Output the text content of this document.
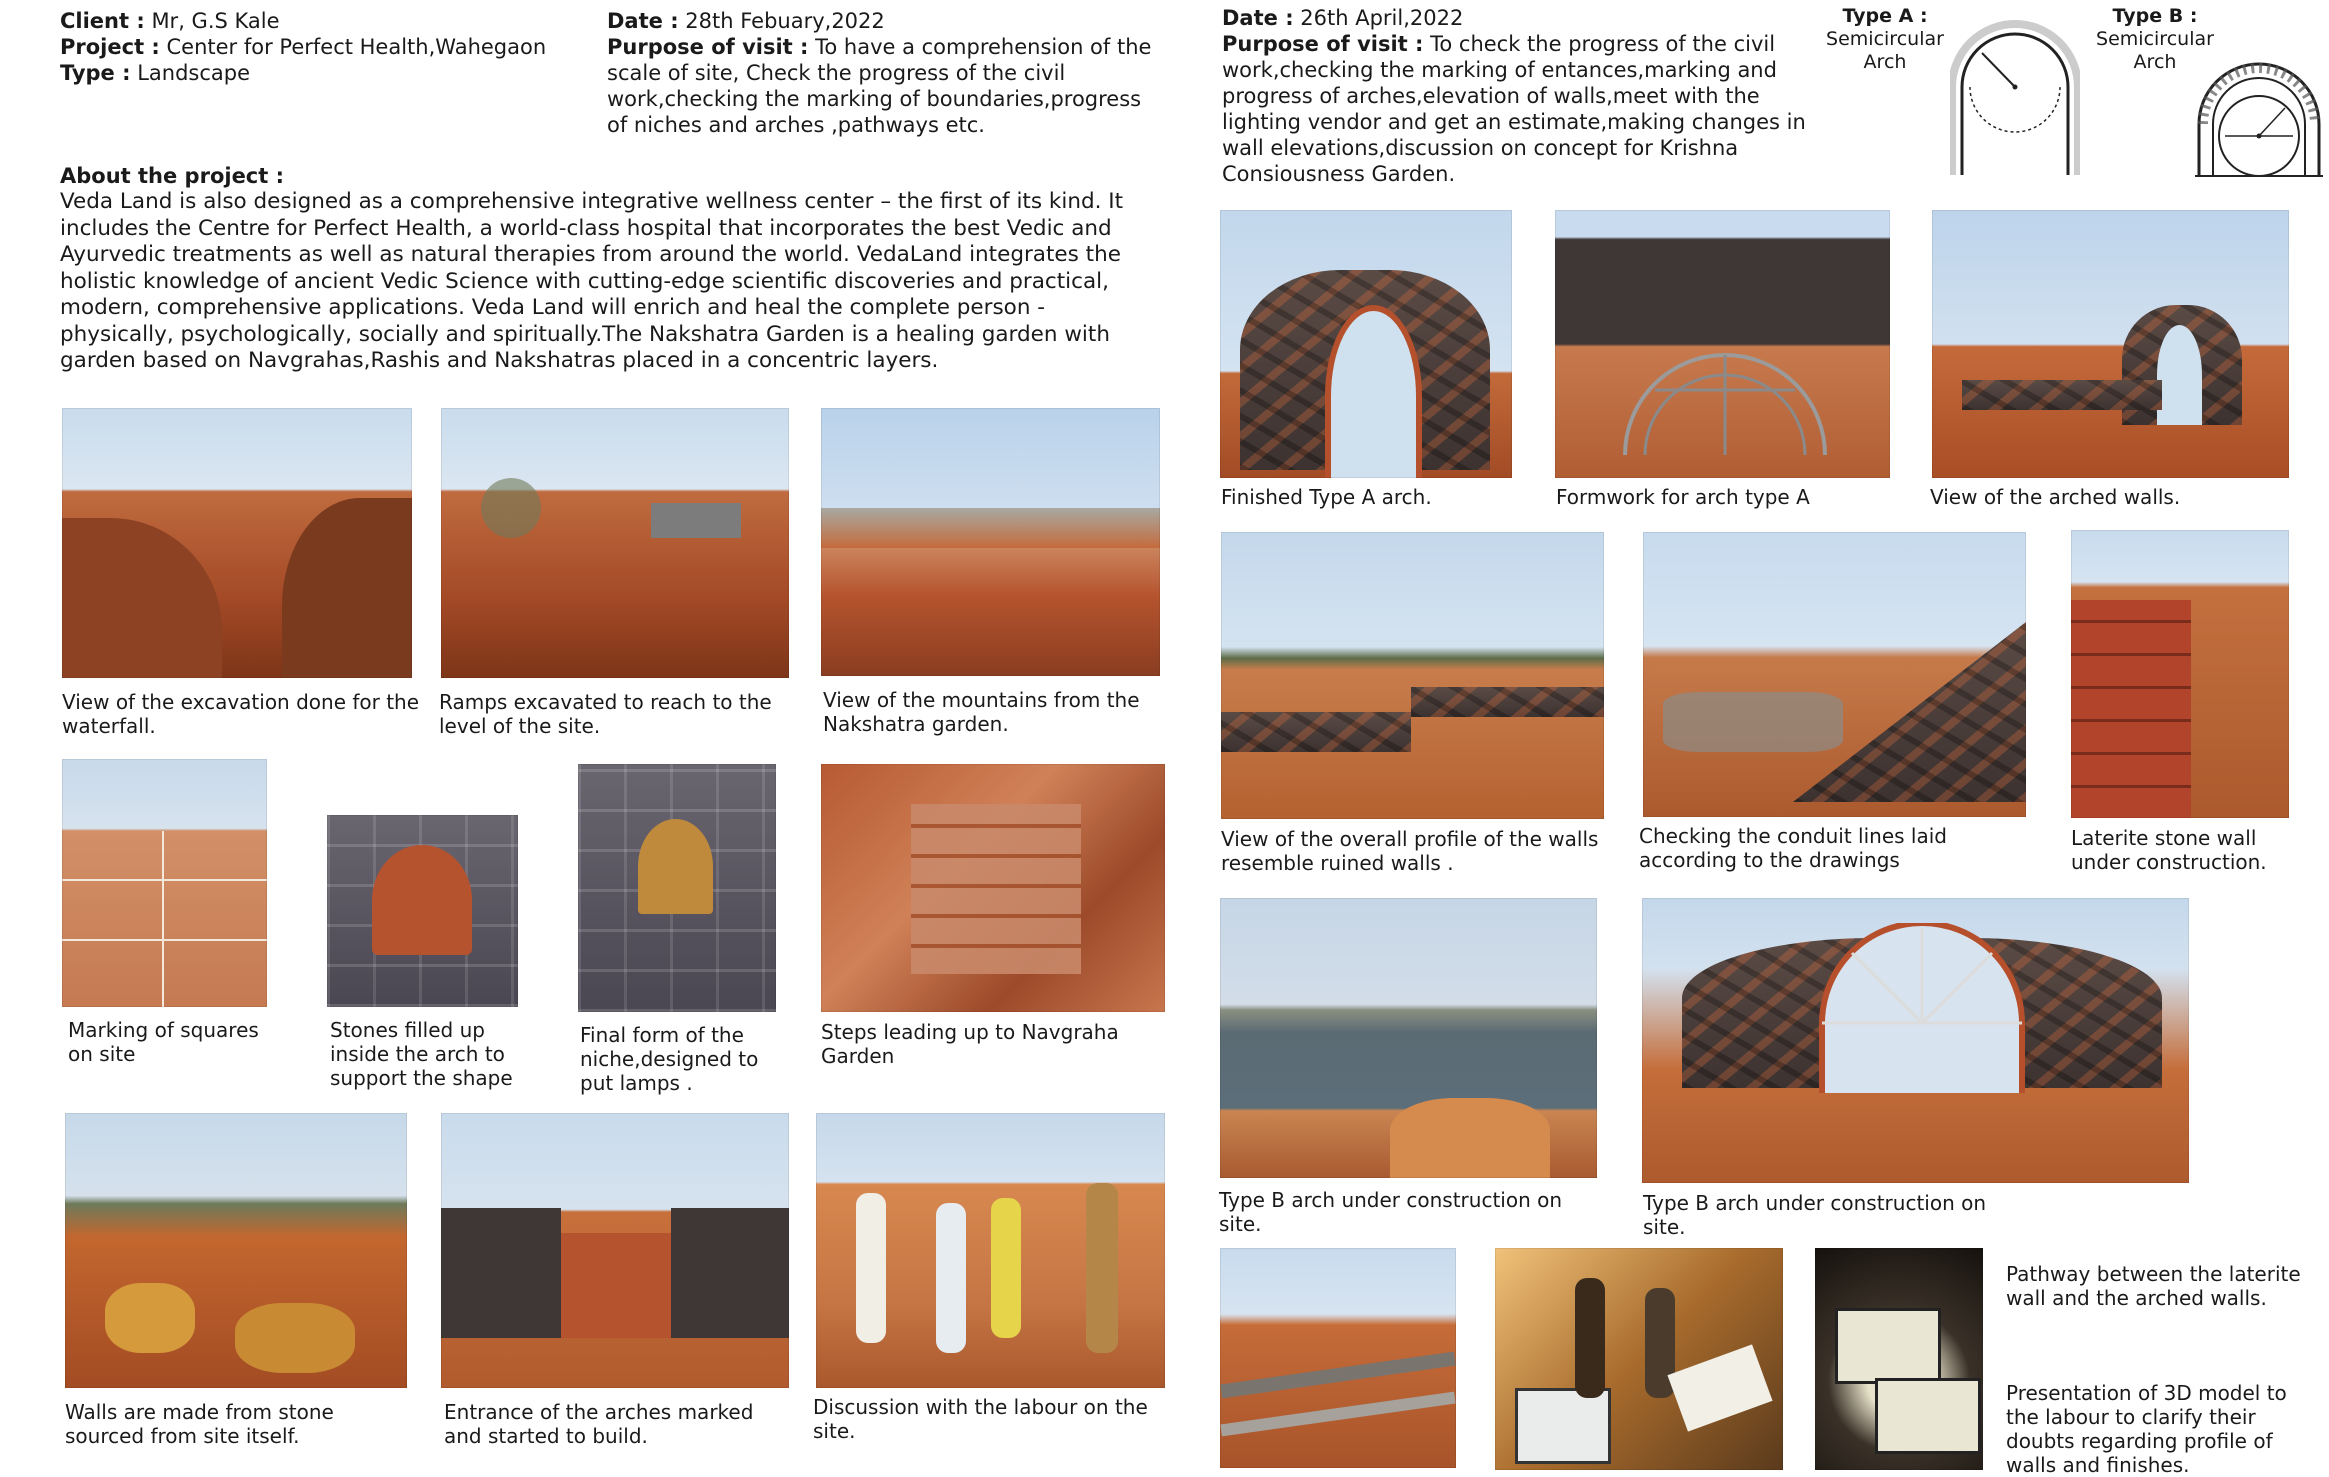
Client : Mr, G.S Kale
Project : Center for Perfect Health,Wahegaon
Type : Landscape
Date : 28th Febuary,2022
Purpose of visit : To have a comprehension of the scale of site, Check the progress of the civil work,checking the marking of boundaries,progress of niches and arches ,pathways etc.
About the project :
Veda Land is also designed as a comprehensive integrative wellness center – the first of its kind. It includes the Centre for Perfect Health, a world-class hospital that incorporates the best Vedic and Ayurvedic treatments as well as natural therapies from around the world. VedaLand integrates the holistic knowledge of ancient Vedic Science with cutting-edge scientific discoveries and practical, modern, comprehensive applications. Veda Land will enrich and heal the complete person - physically, psychologically, socially and spiritually.The Nakshatra Garden is a healing garden with garden based on Navgrahas,Rashis and Nakshatras placed in a concentric layers.
View of the excavation done for the waterfall.
Ramps excavated to reach to the level of the site.
View of the mountains from the Nakshatra garden.
Marking of squares on site
Stones filled up inside the arch to support the shape
Final form of the niche,designed to put lamps .
Steps leading up to Navgraha Garden
Walls are made from stone sourced from site itself.
Entrance of the arches marked and started to build.
Discussion with the labour on the site.
Date : 26th April,2022
Purpose of visit : To check the progress of the civil work,checking the marking of entances,marking and progress of arches,elevation of walls,meet with the lighting vendor and get an estimate,making changes in wall elevations,discussion on concept for Krishna Consiousness Garden.
Type A :
Semicircular
Arch
Type B :
Semicircular
Arch
Finished Type A arch.	Formwork for arch type A	View of the arched walls.
View of the overall profile of the walls resemble ruined walls .
Checking the conduit lines laid according to the drawings
Laterite stone wall under construction.
Type B arch under construction on site.
Type B arch under construction on site.
Pathway between the laterite wall and the arched walls.
Presentation of 3D model to the labour to clarify their doubts regarding profile of walls and finishes.
